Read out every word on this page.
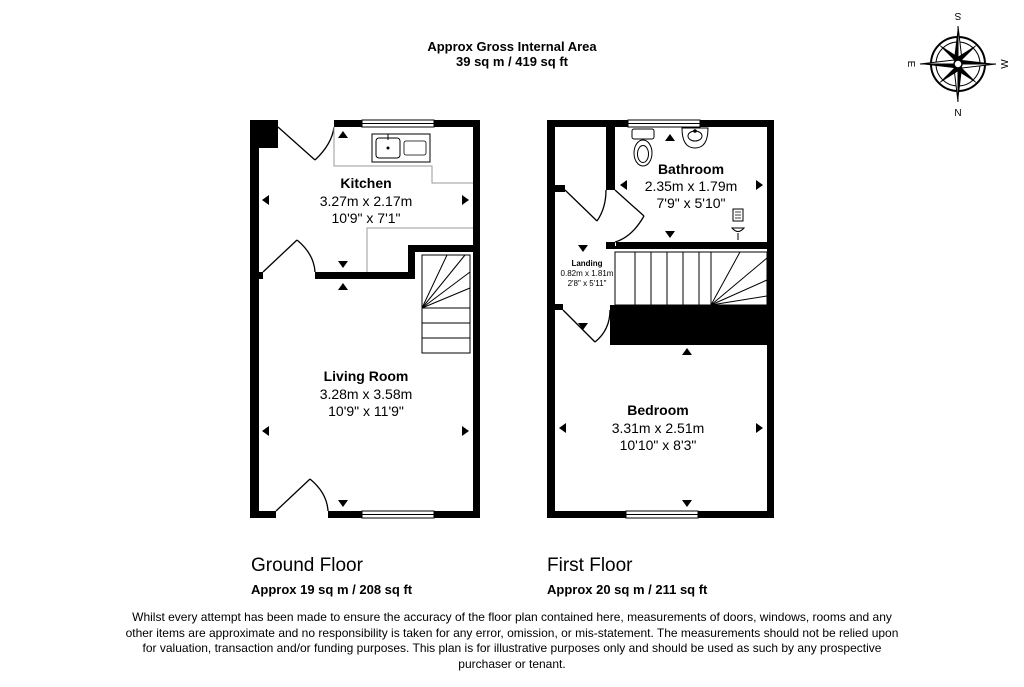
Approx Gross Internal Area
39 sq m / 419 sq ft
S
N
E	W
Kitchen
3.27m x 2.17m
10'9" x 7'1"
Living Room
3.28m x 3.58m
10'9" x 11'9"
Bathroom
2.35m x 1.79m
7'9" x 5'10"
Landing
0.82m x 1.81m
2'8" x 5'11"
Bedroom
3.31m x 2.51m
10'10" x 8'3"
Ground Floor
Approx 19 sq m / 208 sq ft
First Floor
Approx 20 sq m / 211 sq ft
Whilst every attempt has been made to ensure the accuracy of the floor plan contained here, measurements of doors, windows, rooms and any other items are approximate and no responsibility is taken for any error, omission, or mis-statement. The measurements should not be relied upon for valuation, transaction and/or funding purposes. This plan is for illustrative purposes only and should be used as such by any prospective purchaser or tenant.
